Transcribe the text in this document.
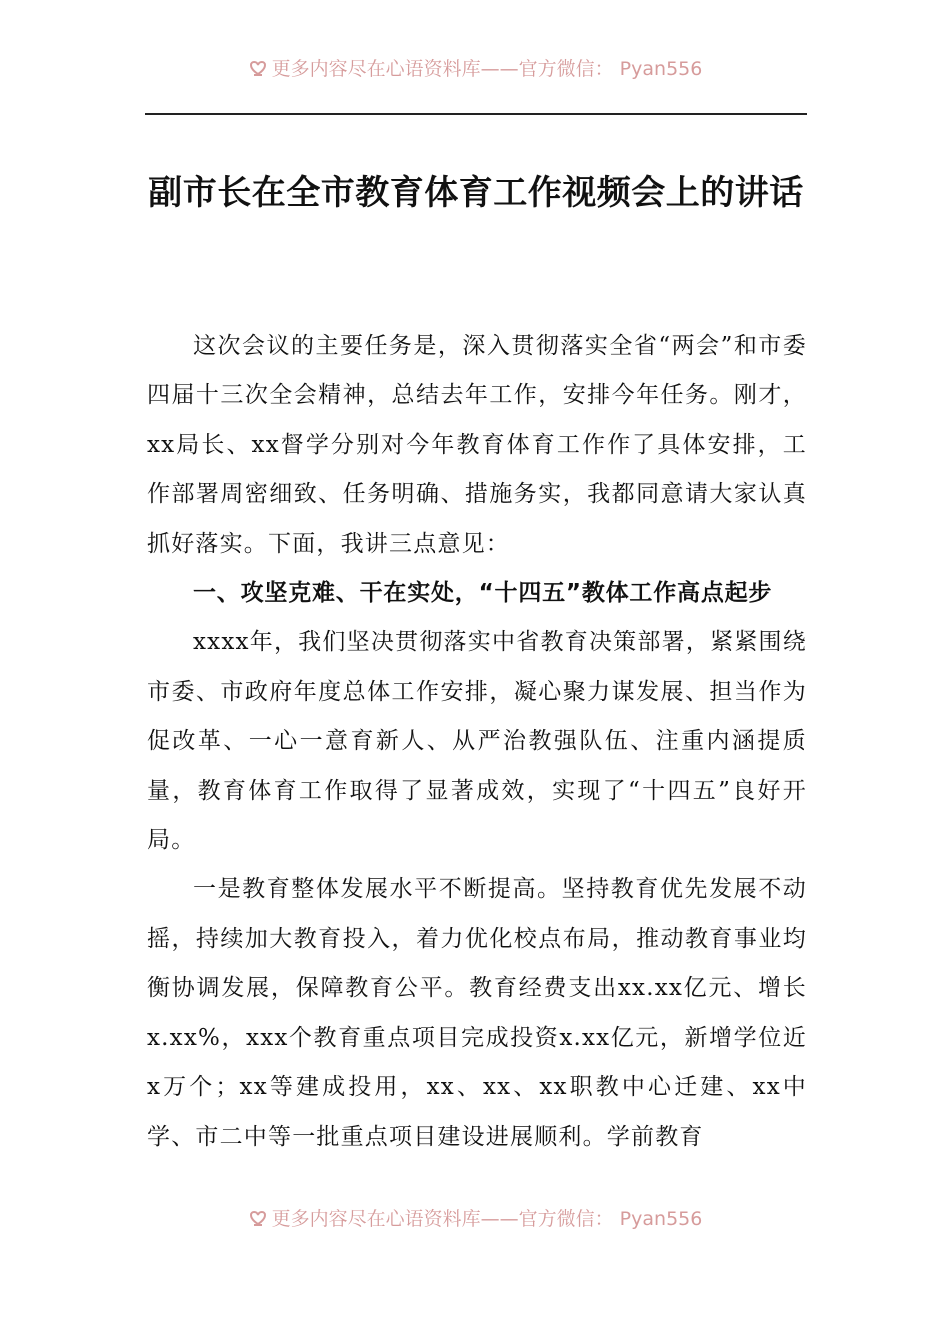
更多内容尽在心语资料库——官方微信： Pyan556
副市长在全市教育体育工作视频会上的讲话

这次会议的主要任务是，深入贯彻落实全省“两会”和市委四届十三次全会精神，总结去年工作，安排今年任务。刚才，xx局长、xx督学分别对今年教育体育工作作了具体安排，工作部署周密细致、任务明确、措施务实，我都同意请大家认真抓好落实。下面，我讲三点意见：

一、攻坚克难、干在实处，“十四五”教体工作高点起步

xxxx年，我们坚决贯彻落实中省教育决策部署，紧紧围绕市委、市政府年度总体工作安排，凝心聚力谋发展、担当作为促改革、一心一意育新人、从严治教强队伍、注重内涵提质量，教育体育工作取得了显著成效，实现了“十四五”良好开局。

一是教育整体发展水平不断提高。坚持教育优先发展不动摇，持续加大教育投入，着力优化校点布局，推动教育事业均衡协调发展，保障教育公平。教育经费支出xx.xx亿元、增长x.xx%，xxx个教育重点项目完成投资x.xx亿元，新增学位近x万个；xx等建成投用，xx、xx、xx职教中心迁建、xx中学、市二中等一批重点项目建设进展顺利。学前教育

更多内容尽在心语资料库——官方微信： Pyan556
